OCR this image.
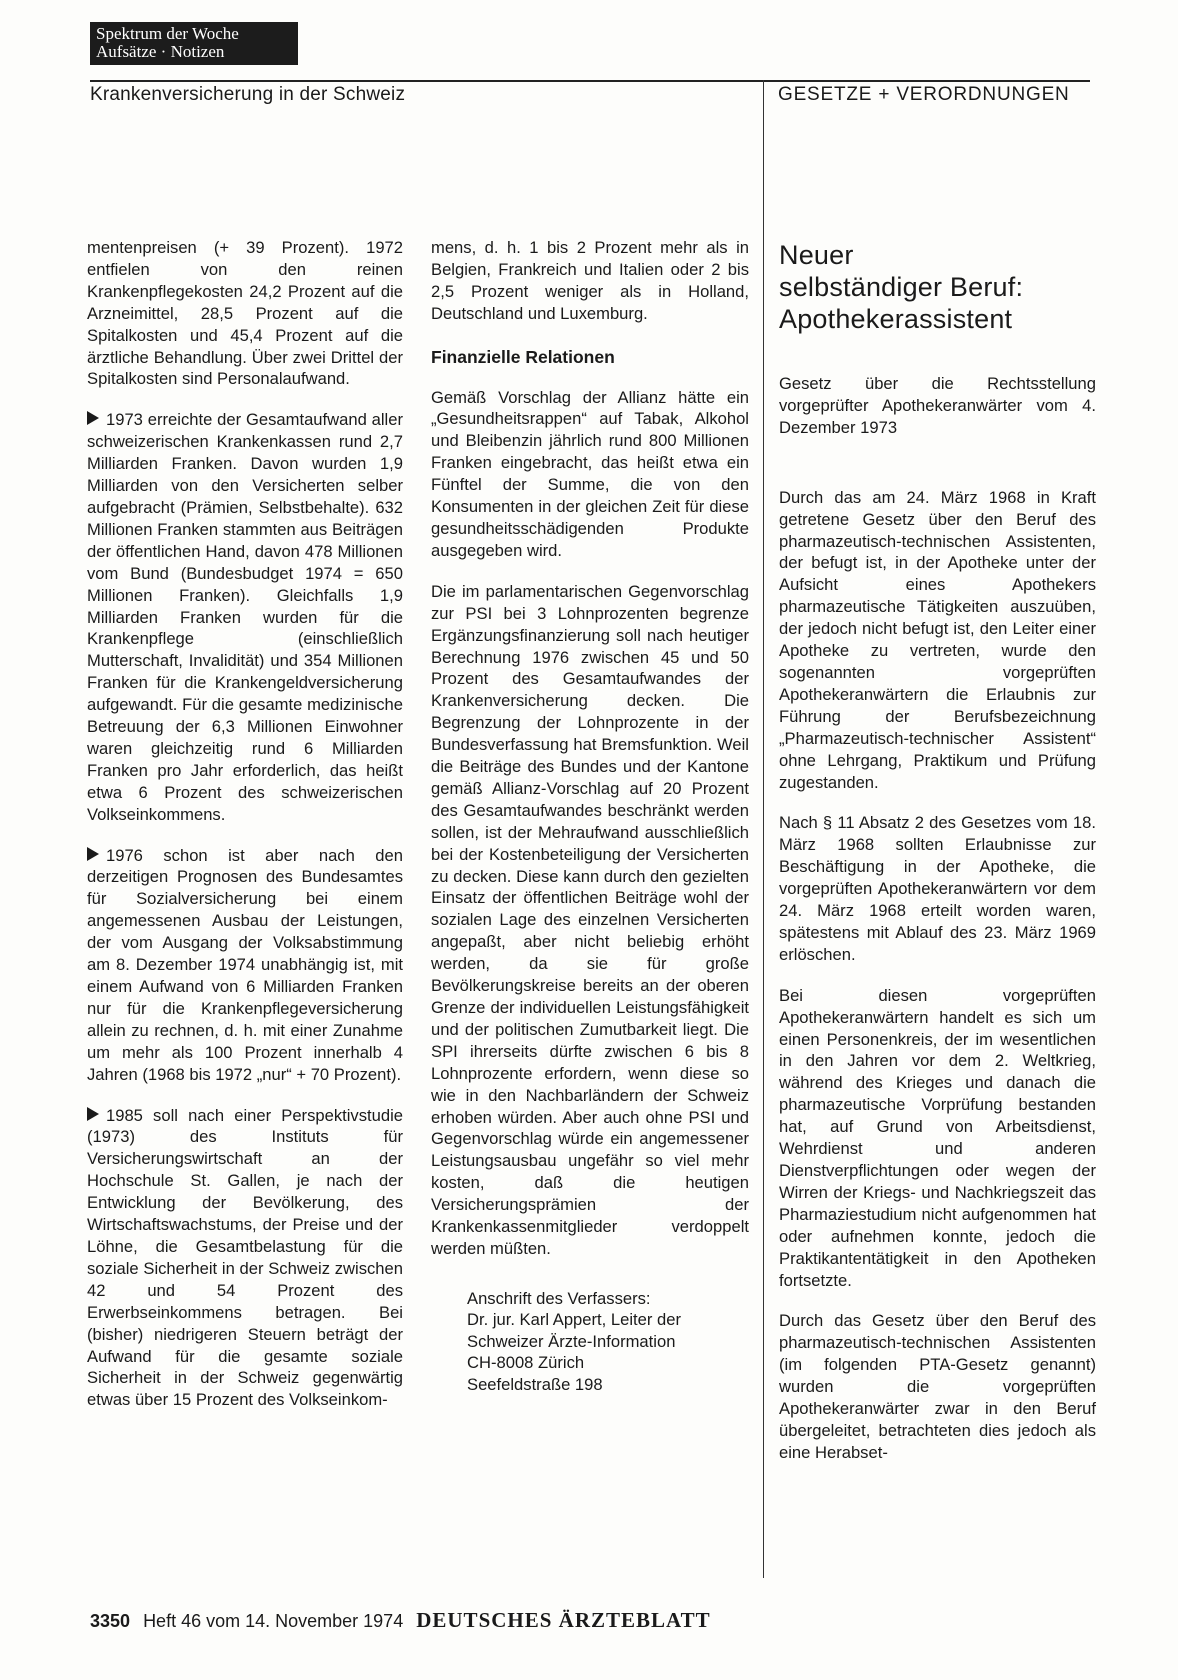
Spektrum der Woche
Aufsätze · Notizen
Krankenversicherung in der Schweiz	GESETZE + VERORDNUNGEN

mentenpreisen (+ 39 Prozent). 1972 entfielen von den reinen Krankenpflegekosten 24,2 Prozent auf die Arzneimittel, 28,5 Prozent auf die Spitalkosten und 45,4 Prozent auf die ärztliche Behandlung. Über zwei Drittel der Spitalkosten sind Personalaufwand.

1973 erreichte der Gesamtaufwand aller schweizerischen Krankenkassen rund 2,7 Milliarden Franken. Davon wurden 1,9 Milliarden von den Versicherten selber aufgebracht (Prämien, Selbstbehalte). 632 Millionen Franken stammten aus Beiträgen der öffentlichen Hand, davon 478 Millionen vom Bund (Bundesbudget 1974 = 650 Millionen Franken). Gleichfalls 1,9 Milliarden Franken wurden für die Krankenpflege (einschließlich Mutterschaft, Invalidität) und 354 Millionen Franken für die Krankengeldversicherung aufgewandt. Für die gesamte medizinische Betreuung der 6,3 Millionen Einwohner waren gleichzeitig rund 6 Milliarden Franken pro Jahr erforderlich, das heißt etwa 6 Prozent des schweizerischen Volkseinkommens.

1976 schon ist aber nach den derzeitigen Prognosen des Bundesamtes für Sozialversicherung bei einem angemessenen Ausbau der Leistungen, der vom Ausgang der Volksabstimmung am 8. Dezember 1974 unabhängig ist, mit einem Aufwand von 6 Milliarden Franken nur für die Krankenpflegeversicherung allein zu rechnen, d. h. mit einer Zunahme um mehr als 100 Prozent innerhalb 4 Jahren (1968 bis 1972 „nur“ + 70 Prozent).

1985 soll nach einer Perspektivstudie (1973) des Instituts für Versicherungswirtschaft an der Hochschule St. Gallen, je nach der Entwicklung der Bevölkerung, des Wirtschaftswachstums, der Preise und der Löhne, die Gesamtbelastung für die soziale Sicherheit in der Schweiz zwischen 42 und 54 Prozent des Erwerbseinkommens betragen. Bei (bisher) niedrigeren Steuern beträgt der Aufwand für die gesamte soziale Sicherheit in der Schweiz gegenwärtig etwas über 15 Prozent des Volkseinkom-

mens, d. h. 1 bis 2 Prozent mehr als in Belgien, Frankreich und Italien oder 2 bis 2,5 Prozent weniger als in Holland, Deutschland und Luxemburg.

Finanzielle Relationen

Gemäß Vorschlag der Allianz hätte ein „Gesundheitsrappen“ auf Tabak, Alkohol und Bleibenzin jährlich rund 800 Millionen Franken eingebracht, das heißt etwa ein Fünftel der Summe, die von den Konsumenten in der gleichen Zeit für diese gesundheitsschädigenden Produkte ausgegeben wird.

Die im parlamentarischen Gegenvorschlag zur PSI bei 3 Lohnprozenten begrenze Ergänzungsfinanzierung soll nach heutiger Berechnung 1976 zwischen 45 und 50 Prozent des Gesamtaufwandes der Krankenversicherung decken. Die Begrenzung der Lohnprozente in der Bundesverfassung hat Bremsfunktion. Weil die Beiträge des Bundes und der Kantone gemäß Allianz-Vorschlag auf 20 Prozent des Gesamtaufwandes beschränkt werden sollen, ist der Mehraufwand ausschließlich bei der Kostenbeteiligung der Versicherten zu decken. Diese kann durch den gezielten Einsatz der öffentlichen Beiträge wohl der sozialen Lage des einzelnen Versicherten angepaßt, aber nicht beliebig erhöht werden, da sie für große Bevölkerungskreise bereits an der oberen Grenze der individuellen Leistungsfähigkeit und der politischen Zumutbarkeit liegt. Die SPI ihrerseits dürfte zwischen 6 bis 8 Lohnprozente erfordern, wenn diese so wie in den Nachbarländern der Schweiz erhoben würden. Aber auch ohne PSI und Gegenvorschlag würde ein angemessener Leistungsausbau ungefähr so viel mehr kosten, daß die heutigen Versicherungsprämien der Krankenkassenmitglieder verdoppelt werden müßten.

Anschrift des Verfassers:
Dr. jur. Karl Appert, Leiter der
Schweizer Ärzte-Information
CH-8008 Zürich
Seefeldstraße 198
Neuer
selbständiger Beruf:
Apothekerassistent

Gesetz über die Rechtsstellung vorgeprüfter Apothekeranwärter vom 4. Dezember 1973

Durch das am 24. März 1968 in Kraft getretene Gesetz über den Beruf des pharmazeutisch-technischen Assistenten, der befugt ist, in der Apotheke unter der Aufsicht eines Apothekers pharmazeutische Tätigkeiten auszuüben, der jedoch nicht befugt ist, den Leiter einer Apotheke zu vertreten, wurde den sogenannten vorgeprüften Apothekeranwärtern die Erlaubnis zur Führung der Berufsbezeichnung „Pharmazeutisch-technischer Assistent“ ohne Lehrgang, Praktikum und Prüfung zugestanden.

Nach § 11 Absatz 2 des Gesetzes vom 18. März 1968 sollten Erlaubnisse zur Beschäftigung in der Apotheke, die vorgeprüften Apothekeranwärtern vor dem 24. März 1968 erteilt worden waren, spätestens mit Ablauf des 23. März 1969 erlöschen.

Bei diesen vorgeprüften Apothekeranwärtern handelt es sich um einen Personenkreis, der im wesentlichen in den Jahren vor dem 2. Weltkrieg, während des Krieges und danach die pharmazeutische Vorprüfung bestanden hat, auf Grund von Arbeitsdienst, Wehrdienst und anderen Dienstverpflichtungen oder wegen der Wirren der Kriegs- und Nachkriegszeit das Pharmaziestudium nicht aufgenommen hat oder aufnehmen konnte, jedoch die Praktikantentätigkeit in den Apotheken fortsetzte.

Durch das Gesetz über den Beruf des pharmazeutisch-technischen Assistenten (im folgenden PTA-Gesetz genannt) wurden die vorgeprüften Apothekeranwärter zwar in den Beruf übergeleitet, betrachteten dies jedoch als eine Herabset-

3350 Heft 46 vom 14. November 1974 DEUTSCHES ÄRZTEBLATT
